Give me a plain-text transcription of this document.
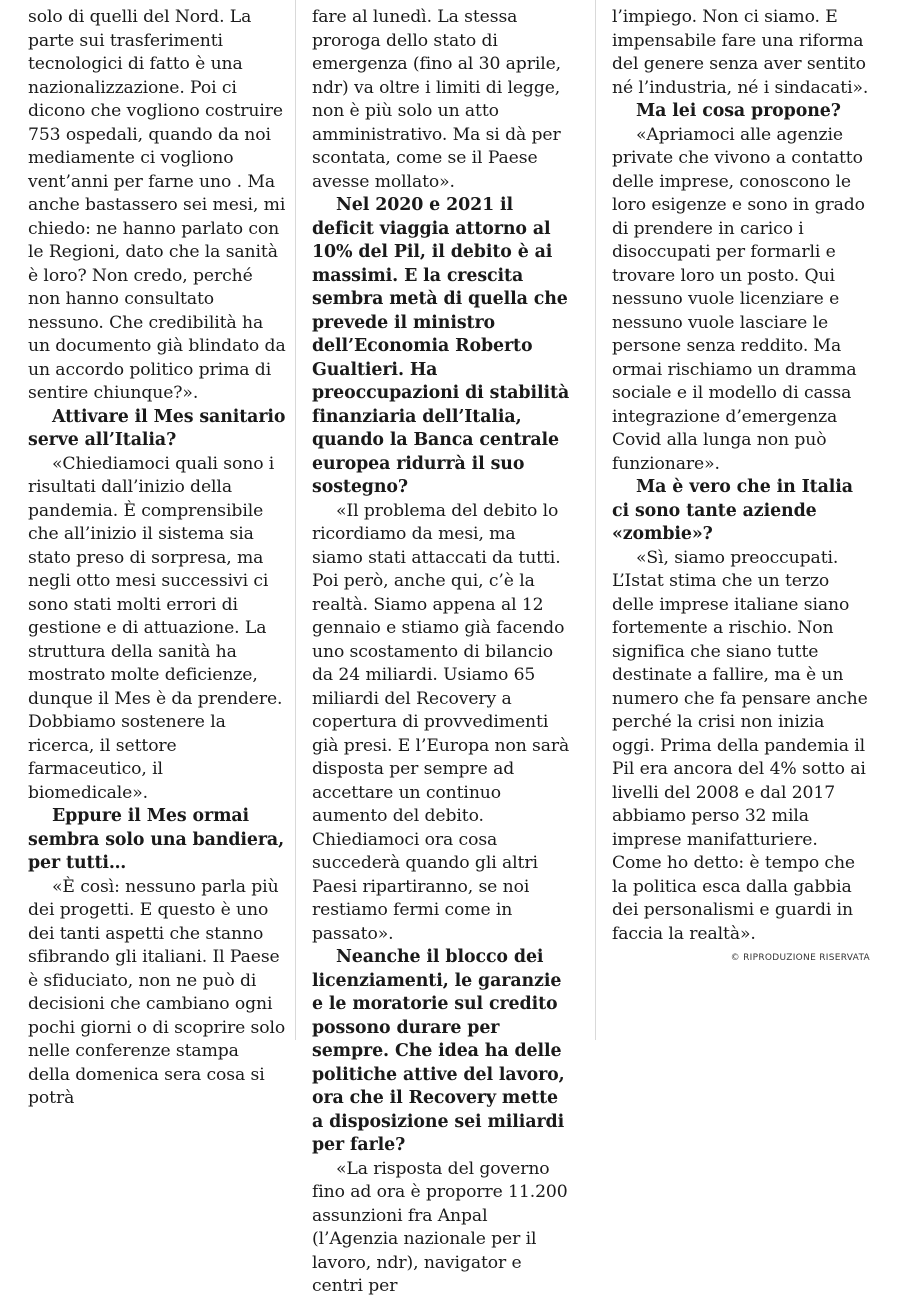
solo di quelli del Nord. La parte sui trasferimenti tecnologici di fatto è una nazionalizzazione. Poi ci dicono che vogliono costruire 753 ospedali, quando da noi mediamente ci vogliono vent’anni per farne uno . Ma anche bastassero sei mesi, mi chiedo: ne hanno parlato con le Regioni, dato che la sanità è loro? Non credo, perché non hanno consultato nessuno. Che credibilità ha un documento già blindato da un accordo politico prima di sentire chiunque?».

Attivare il Mes sanitario serve all’Italia?

«Chiediamoci quali sono i risultati dall’inizio della pandemia. È comprensibile che all’inizio il sistema sia stato preso di sorpresa, ma negli otto mesi successivi ci sono stati molti errori di gestione e di attuazione. La struttura della sanità ha mostrato molte deficienze, dunque il Mes è da prendere. Dobbiamo sostenere la ricerca, il settore farmaceutico, il biomedicale».

Eppure il Mes ormai sembra solo una bandiera, per tutti…

«È così: nessuno parla più dei progetti. E questo è uno dei tanti aspetti che stanno sfibrando gli italiani. Il Paese è sfiduciato, non ne può di decisioni che cambiano ogni pochi giorni o di scoprire solo nelle conferenze stampa della domenica sera cosa si potrà

fare al lunedì. La stessa proroga dello stato di emergenza (fino al 30 aprile, ndr) va oltre i limiti di legge, non è più solo un atto amministrativo. Ma si dà per scontata, come se il Paese avesse mollato».

Nel 2020 e 2021 il deficit viaggia attorno al 10% del Pil, il debito è ai massimi. E la crescita sembra metà di quella che prevede il ministro dell’Economia Roberto Gualtieri. Ha preoccupazioni di stabilità finanziaria dell’Italia, quando la Banca centrale europea ridurrà il suo sostegno?

«Il problema del debito lo ricordiamo da mesi, ma siamo stati attaccati da tutti. Poi però, anche qui, c’è la realtà. Siamo appena al 12 gennaio e stiamo già facendo uno scostamento di bilancio da 24 miliardi. Usiamo 65 miliardi del Recovery a copertura di provvedimenti già presi. E l’Europa non sarà disposta per sempre ad accettare un continuo aumento del debito. Chiediamoci ora cosa succederà quando gli altri Paesi ripartiranno, se noi restiamo fermi come in passato».

Neanche il blocco dei licenziamenti, le garanzie e le moratorie sul credito possono durare per sempre. Che idea ha delle politiche attive del lavoro, ora che il Recovery mette a disposizione sei miliardi per farle?

«La risposta del governo fino ad ora è proporre 11.200 assunzioni fra Anpal (l’Agenzia nazionale per il lavoro, ndr), navigator e centri per

l’impiego. Non ci siamo. E impensabile fare una riforma del genere senza aver sentito né l’industria, né i sindacati».

Ma lei cosa propone?

«Apriamoci alle agenzie private che vivono a contatto delle imprese, conoscono le loro esigenze e sono in grado di prendere in carico i disoccupati per formarli e trovare loro un posto. Qui nessuno vuole licenziare e nessuno vuole lasciare le persone senza reddito. Ma ormai rischiamo un dramma sociale e il modello di cassa integrazione d’emergenza Covid alla lunga non può funzionare».

Ma è vero che in Italia ci sono tante aziende «zombie»?

«Sì, siamo preoccupati. L’Istat stima che un terzo delle imprese italiane siano fortemente a rischio. Non significa che siano tutte destinate a fallire, ma è un numero che fa pensare anche perché la crisi non inizia oggi. Prima della pandemia il Pil era ancora del 4% sotto ai livelli del 2008 e dal 2017 abbiamo perso 32 mila imprese manifatturiere. Come ho detto: è tempo che la politica esca dalla gabbia dei personalismi e guardi in faccia la realtà».

© RIPRODUZIONE RISERVATA
